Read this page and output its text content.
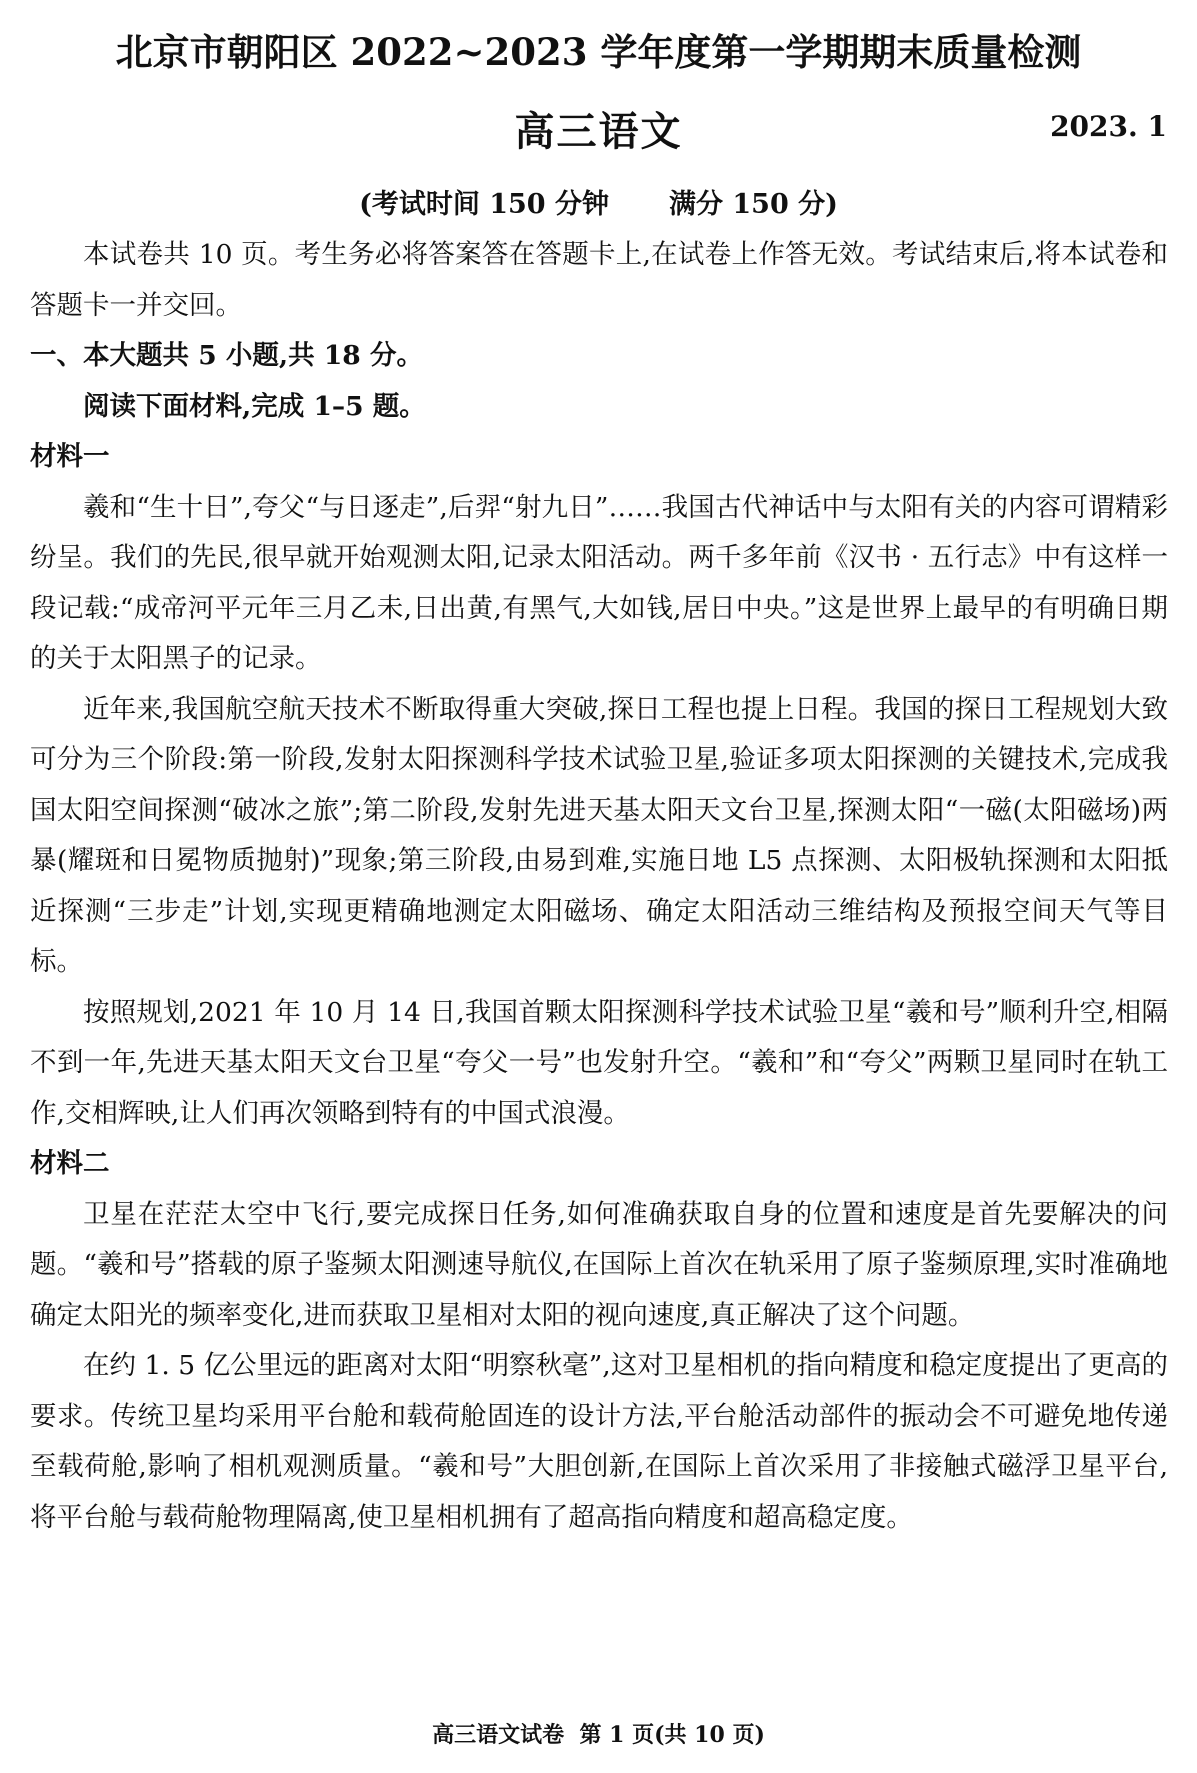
北京市朝阳区 2022~2023 学年度第一学期期末质量检测
高三语文	2023. 1
(考试时间 150 分钟 满分 150 分)

本试卷共 10 页。考生务必将答案答在答题卡上,在试卷上作答无效。考试结束后,将本试卷和答题卡一并交回。

一、本大题共 5 小题,共 18 分。

阅读下面材料,完成 1–5 题。

材料一

羲和“生十日”,夸父“与日逐走”,后羿“射九日”……我国古代神话中与太阳有关的内容可谓精彩纷呈。我们的先民,很早就开始观测太阳,记录太阳活动。两千多年前《汉书 · 五行志》中有这样一段记载:“成帝河平元年三月乙未,日出黄,有黑气,大如钱,居日中央。”这是世界上最早的有明确日期的关于太阳黑子的记录。

近年来,我国航空航天技术不断取得重大突破,探日工程也提上日程。我国的探日工程规划大致可分为三个阶段:第一阶段,发射太阳探测科学技术试验卫星,验证多项太阳探测的关键技术,完成我国太阳空间探测“破冰之旅”;第二阶段,发射先进天基太阳天文台卫星,探测太阳“一磁(太阳磁场)两暴(耀斑和日冕物质抛射)”现象;第三阶段,由易到难,实施日地 L5 点探测、太阳极轨探测和太阳抵近探测“三步走”计划,实现更精确地测定太阳磁场、确定太阳活动三维结构及预报空间天气等目标。

按照规划,2021 年 10 月 14 日,我国首颗太阳探测科学技术试验卫星“羲和号”顺利升空,相隔不到一年,先进天基太阳天文台卫星“夸父一号”也发射升空。“羲和”和“夸父”两颗卫星同时在轨工作,交相辉映,让人们再次领略到特有的中国式浪漫。

材料二

卫星在茫茫太空中飞行,要完成探日任务,如何准确获取自身的位置和速度是首先要解决的问题。“羲和号”搭载的原子鉴频太阳测速导航仪,在国际上首次在轨采用了原子鉴频原理,实时准确地确定太阳光的频率变化,进而获取卫星相对太阳的视向速度,真正解决了这个问题。

在约 1. 5 亿公里远的距离对太阳“明察秋毫”,这对卫星相机的指向精度和稳定度提出了更高的要求。传统卫星均采用平台舱和载荷舱固连的设计方法,平台舱活动部件的振动会不可避免地传递至载荷舱,影响了相机观测质量。“羲和号”大胆创新,在国际上首次采用了非接触式磁浮卫星平台,将平台舱与载荷舱物理隔离,使卫星相机拥有了超高指向精度和超高稳定度。

高三语文试卷 第 1 页(共 10 页)
